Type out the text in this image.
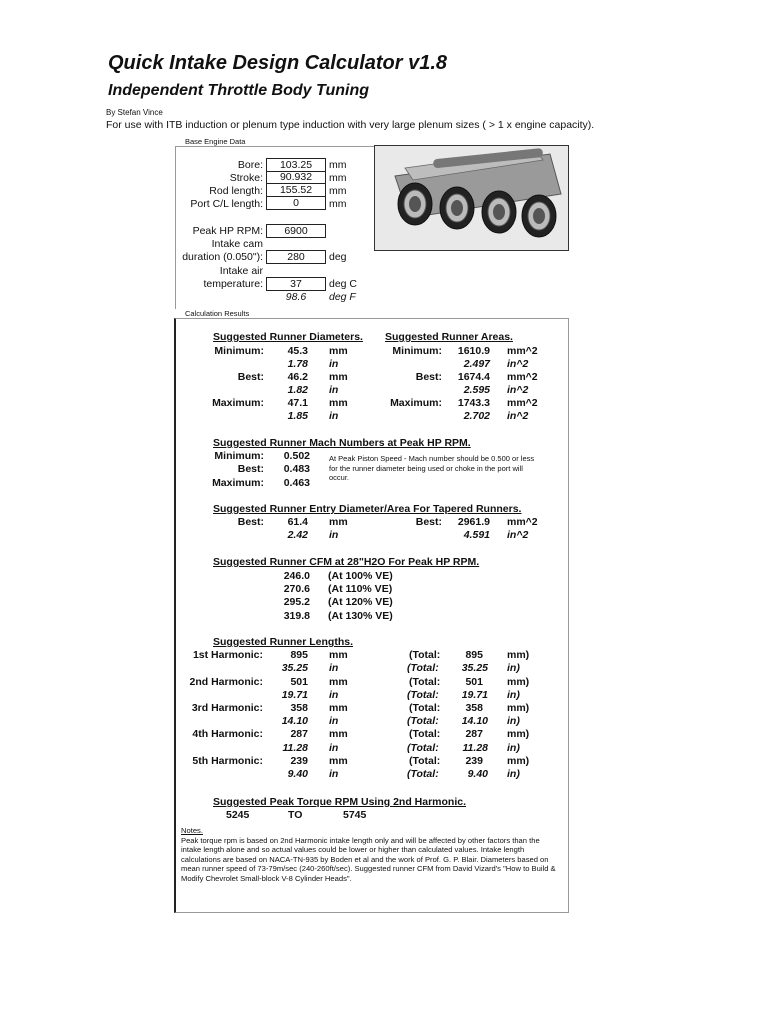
Quick Intake Design Calculator v1.8
Independent Throttle Body Tuning
By Stefan Vince
For use with ITB induction or plenum type induction with very large plenum sizes ( > 1 x engine capacity).
Base Engine Data
Bore:	103.25	mm
Stroke:	90.932	mm
Rod length:	155.52	mm
Port C/L length:	0	mm
Peak HP RPM:	6900
Intake cam
duration (0.050"):	280	deg
Intake air
temperature:	37	deg C
98.6	deg F
Calculation Results
Suggested Runner Diameters.
Minimum:	45.3 mm
1.78 in
Best:	46.2 mm
1.82 in
Maximum:	47.1 mm
1.85 in
Suggested Runner Areas.
Minimum:	1610.9 mm^2
2.497 in^2
Best:	1674.4 mm^2
2.595 in^2
Maximum:	1743.3 mm^2
2.702 in^2
Suggested Runner Mach Numbers at Peak HP RPM.
Minimum:	0.502
Best:	0.483
Maximum:	0.463
At Peak Piston Speed - Mach number should be 0.500 or less for the runner diameter being used or choke in the port will occur.
Suggested Runner Entry Diameter/Area For Tapered Runners.
Best:	61.4 mm
2.42 in
Best:	2961.9 mm^2
4.591 in^2
Suggested Runner CFM at 28"H2O For Peak HP RPM.
246.0 (At 100% VE)
270.6 (At 110% VE)
295.2 (At 120% VE)
319.8 (At 130% VE)
Suggested Runner Lengths.
1st Harmonic:	895 mm	(Total:	895 mm)
35.25 in	(Total:	35.25 in)
2nd Harmonic:	501 mm	(Total:	501 mm)
19.71 in	(Total:	19.71 in)
3rd Harmonic:	358 mm	(Total:	358 mm)
14.10 in	(Total:	14.10 in)
4th Harmonic:	287 mm	(Total:	287 mm)
11.28 in	(Total:	11.28 in)
5th Harmonic:	239 mm	(Total:	239 mm)
9.40 in	(Total:	9.40 in)
Suggested Peak Torque RPM Using 2nd Harmonic.
5245	TO	5745
Notes.
Peak torque rpm is based on 2nd Harmonic intake length only and will be affected by other factors than the intake length alone and so actual values could be lower or higher than calculated values. Intake length calculations are based on NACA-TN-935 by Boden et al and the work of Prof. G. P. Blair. Diameters based on mean runner speed of 73-79m/sec (240-260ft/sec). Suggested runner CFM from David Vizard's "How to Build & Modify Chevrolet Small-block V-8 Cylinder Heads".
